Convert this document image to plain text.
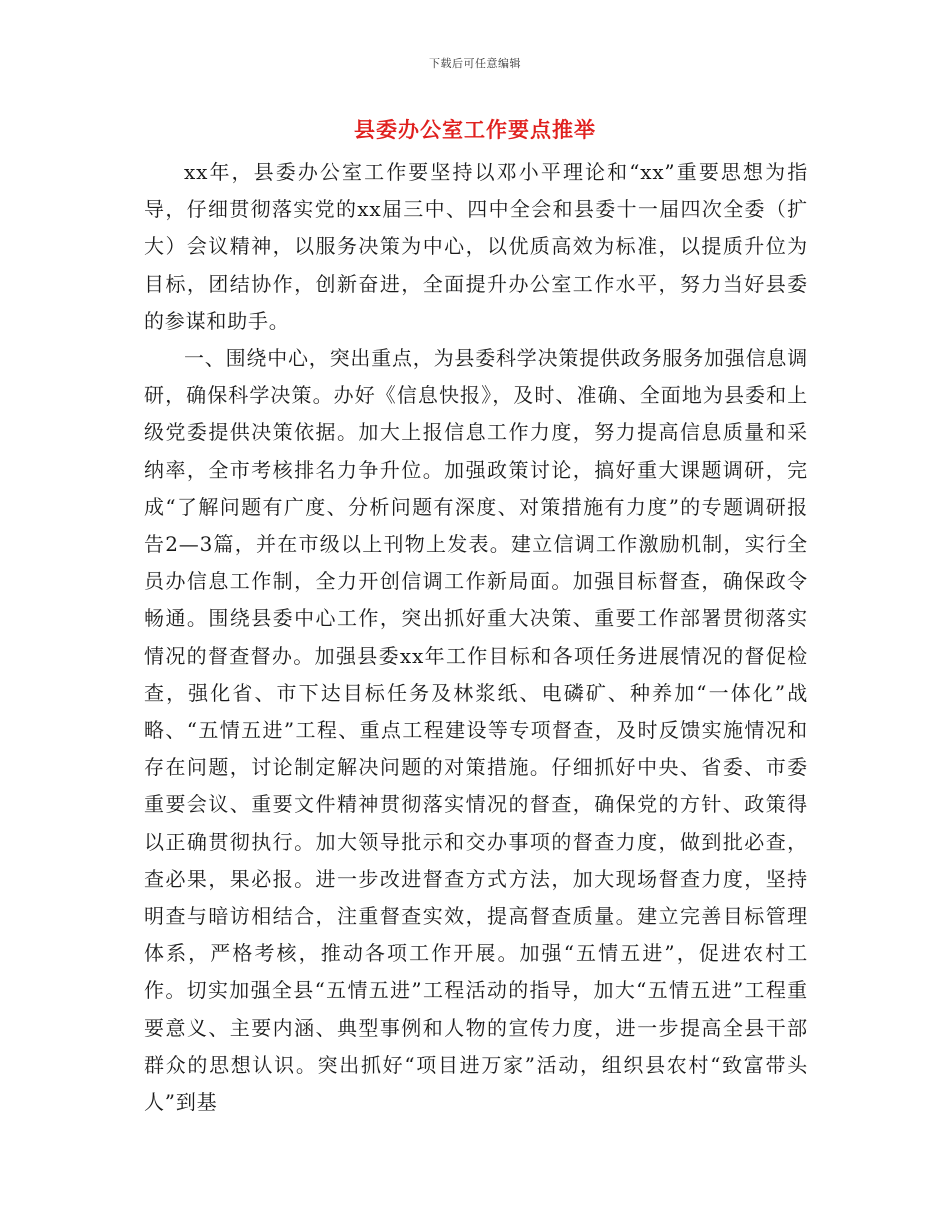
下载后可任意编辑
县委办公室工作要点推举

xx年，县委办公室工作要坚持以邓小平理论和“xx”重要思想为指导，仔细贯彻落实党的xx届三中、四中全会和县委十一届四次全委（扩大）会议精神，以服务决策为中心，以优质高效为标准，以提质升位为目标，团结协作，创新奋进，全面提升办公室工作水平，努力当好县委的参谋和助手。

一、围绕中心，突出重点，为县委科学决策提供政务服务加强信息调研，确保科学决策。办好《信息快报》，及时、准确、全面地为县委和上级党委提供决策依据。加大上报信息工作力度，努力提高信息质量和采纳率，全市考核排名力争升位。加强政策讨论，搞好重大课题调研，完成“了解问题有广度、分析问题有深度、对策措施有力度”的专题调研报告2—3篇，并在市级以上刊物上发表。建立信调工作激励机制，实行全员办信息工作制，全力开创信调工作新局面。加强目标督查，确保政令畅通。围绕县委中心工作，突出抓好重大决策、重要工作部署贯彻落实情况的督查督办。加强县委xx年工作目标和各项任务进展情况的督促检查，强化省、市下达目标任务及林浆纸、电磷矿、种养加“一体化”战略、“五情五进”工程、重点工程建设等专项督查，及时反馈实施情况和存在问题，讨论制定解决问题的对策措施。仔细抓好中央、省委、市委重要会议、重要文件精神贯彻落实情况的督查，确保党的方针、政策得以正确贯彻执行。加大领导批示和交办事项的督查力度，做到批必查，查必果，果必报。进一步改进督查方式方法，加大现场督查力度，坚持明查与暗访相结合，注重督查实效，提高督查质量。建立完善目标管理体系，严格考核，推动各项工作开展。加强“五情五进”，促进农村工作。切实加强全县“五情五进”工程活动的指导，加大“五情五进”工程重要意义、主要内涵、典型事例和人物的宣传力度，进一步提高全县干部群众的思想认识。突出抓好“项目进万家”活动，组织县农村“致富带头人”到基
